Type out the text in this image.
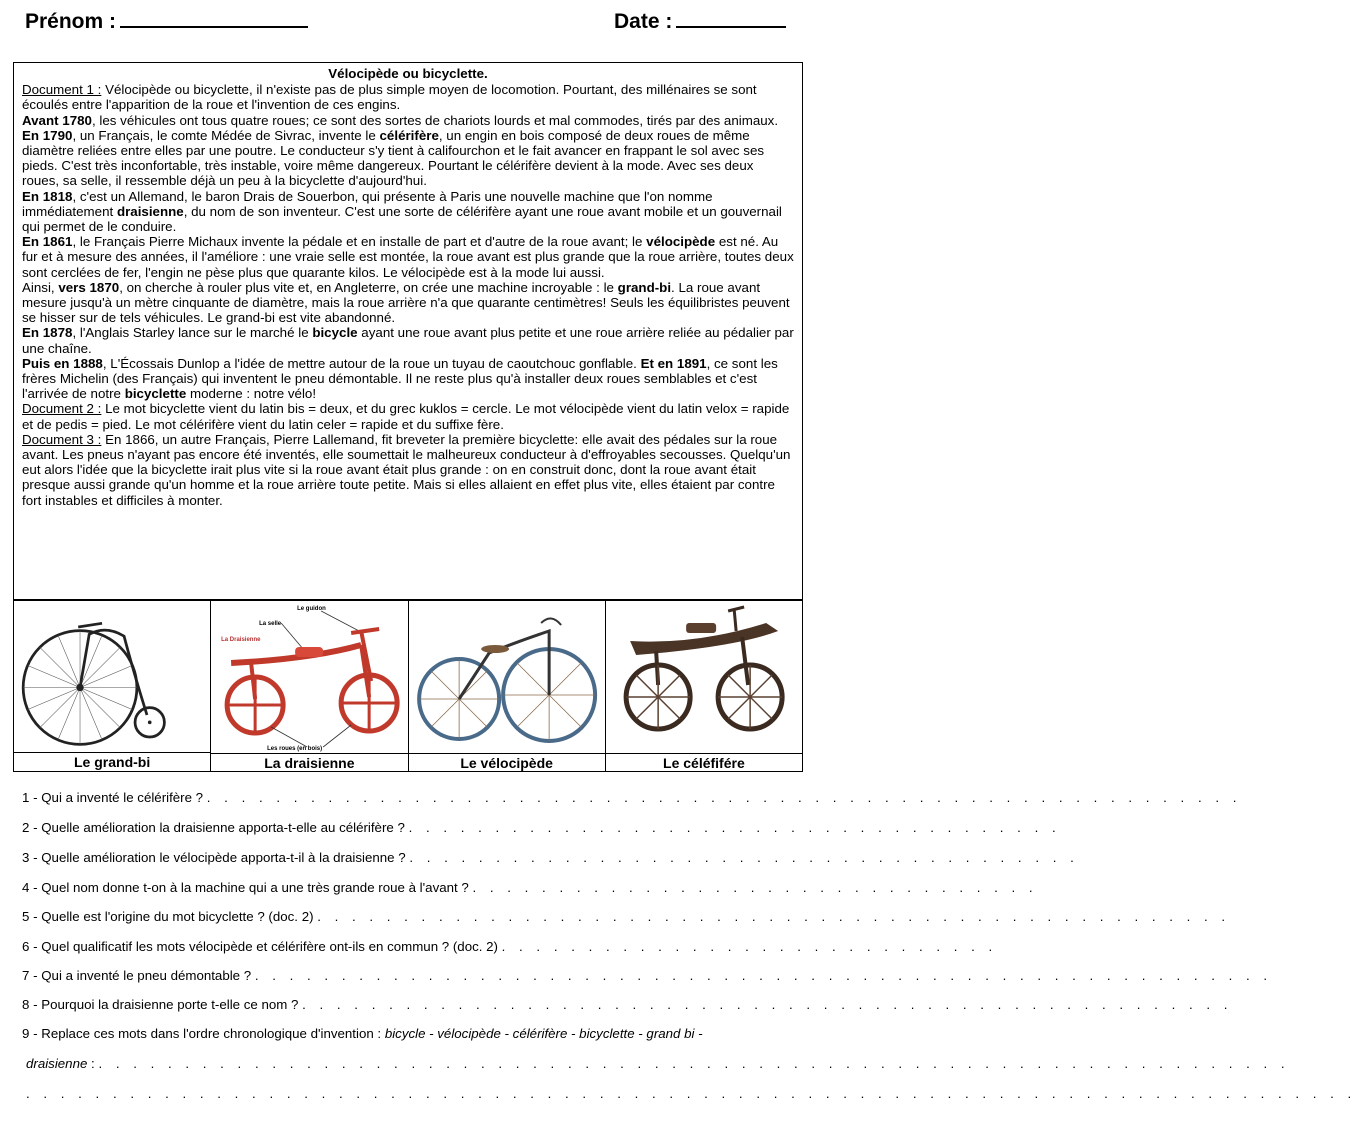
Prénom :	Date :
Vélocipède ou bicyclette.

Document 1 : Vélocipède ou bicyclette, il n'existe pas de plus simple moyen de locomotion. Pourtant, des millénaires se sont écoulés entre l'apparition de la roue et l'invention de ces engins.

Avant 1780, les véhicules ont tous quatre roues; ce sont des sortes de chariots lourds et mal commodes, tirés par des animaux.

En 1790, un Français, le comte Médée de Sivrac, invente le célérifère, un engin en bois composé de deux roues de même diamètre reliées entre elles par une poutre. Le conducteur s'y tient à califourchon et le fait avancer en frappant le sol avec ses pieds. C'est très inconfortable, très instable, voire même dangereux. Pourtant le célérifère devient à la mode. Avec ses deux roues, sa selle, il ressemble déjà un peu à la bicyclette d'aujourd'hui.

En 1818, c'est un Allemand, le baron Drais de Souerbon, qui présente à Paris une nouvelle machine que l'on nomme immédiatement draisienne, du nom de son inventeur. C'est une sorte de célérifère ayant une roue avant mobile et un gouvernail qui permet de le conduire.

En 1861, le Français Pierre Michaux invente la pédale et en installe de part et d'autre de la roue avant; le vélocipède est né. Au fur et à mesure des années, il l'améliore : une vraie selle est montée, la roue avant est plus grande que la roue arrière, toutes deux sont cerclées de fer, l'engin ne pèse plus que quarante kilos. Le vélocipède est à la mode lui aussi.

Ainsi, vers 1870, on cherche à rouler plus vite et, en Angleterre, on crée une machine incroyable : le grand-bi. La roue avant mesure jusqu'à un mètre cinquante de diamètre, mais la roue arrière n'a que quarante centimètres! Seuls les équilibristes peuvent se hisser sur de tels véhicules. Le grand-bi est vite abandonné.

En 1878, l'Anglais Starley lance sur le marché le bicycle ayant une roue avant plus petite et une roue arrière reliée au pédalier par une chaîne.

Puis en 1888, L'Écossais Dunlop a l'idée de mettre autour de la roue un tuyau de caoutchouc gonflable. Et en 1891, ce sont les frères Michelin (des Français) qui inventent le pneu démontable. Il ne reste plus qu'à installer deux roues semblables et c'est l'arrivée de notre bicyclette moderne : notre vélo!

Document 2 : Le mot bicyclette vient du latin bis = deux, et du grec kuklos = cercle. Le mot vélocipède vient du latin velox = rapide et de pedis = pied. Le mot célérifère vient du latin celer = rapide et du suffixe fère.

Document 3 : En 1866, un autre Français, Pierre Lallemand, fit breveter la première bicyclette: elle avait des pédales sur la roue avant. Les pneus n'ayant pas encore été inventés, elle soumettait le malheureux conducteur à d'effroyables secousses. Quelqu'un eut alors l'idée que la bicyclette irait plus vite si la roue avant était plus grande : on en construit donc, dont la roue avant était presque aussi grande qu'un homme et la roue arrière toute petite. Mais si elles allaient en effet plus vite, elles étaient par contre fort instables et difficiles à monter.

Le grand-bi
Le guidon
La selle
La Draisienne
Les roues (en bois)
La draisienne	Le vélocipède	Le céléfifére
1 - Qui a inventé le célérifère ? . . . . . . . . . . . . . . . . . . . . . . . . . . . . . . . . . . . . . . . . . . . . . . . . . . . . . . . . . . . .
2 - Quelle amélioration la draisienne apporta-t-elle au célérifère ? . . . . . . . . . . . . . . . . . . . . . . . . . . . . . . . . . . . . . .
3 - Quelle amélioration le vélocipède apporta-t-il à la draisienne ? . . . . . . . . . . . . . . . . . . . . . . . . . . . . . . . . . . . . . . .
4 - Quel nom donne t-on à la machine qui a une très grande roue à l'avant ? . . . . . . . . . . . . . . . . . . . . . . . . . . . . . . . . .
5 - Quelle est l'origine du mot bicyclette ? (doc. 2) . . . . . . . . . . . . . . . . . . . . . . . . . . . . . . . . . . . . . . . . . . . . . . . . . . . . .
6 - Quel qualificatif les mots vélocipède et célérifère ont-ils en commun ? (doc. 2) . . . . . . . . . . . . . . . . . . . . . . . . . . . . .
7 - Qui a inventé le pneu démontable ? . . . . . . . . . . . . . . . . . . . . . . . . . . . . . . . . . . . . . . . . . . . . . . . . . . . . . . . . . . .
8 - Pourquoi la draisienne porte t-elle ce nom ? . . . . . . . . . . . . . . . . . . . . . . . . . . . . . . . . . . . . . . . . . . . . . . . . . . . . . .
9 - Replace ces mots dans l'ordre chronologique d'invention : bicycle - vélocipède - célérifère - bicyclette - grand bi -
draisienne : . . . . . . . . . . . . . . . . . . . . . . . . . . . . . . . . . . . . . . . . . . . . . . . . . . . . . . . . . . . . . . . . . . . . .
. . . . . . . . . . . . . . . . . . . . . . . . . . . . . . . . . . . . . . . . . . . . . . . . . . . . . . . . . . . . . . . . . . . . . . . . . . . . .
